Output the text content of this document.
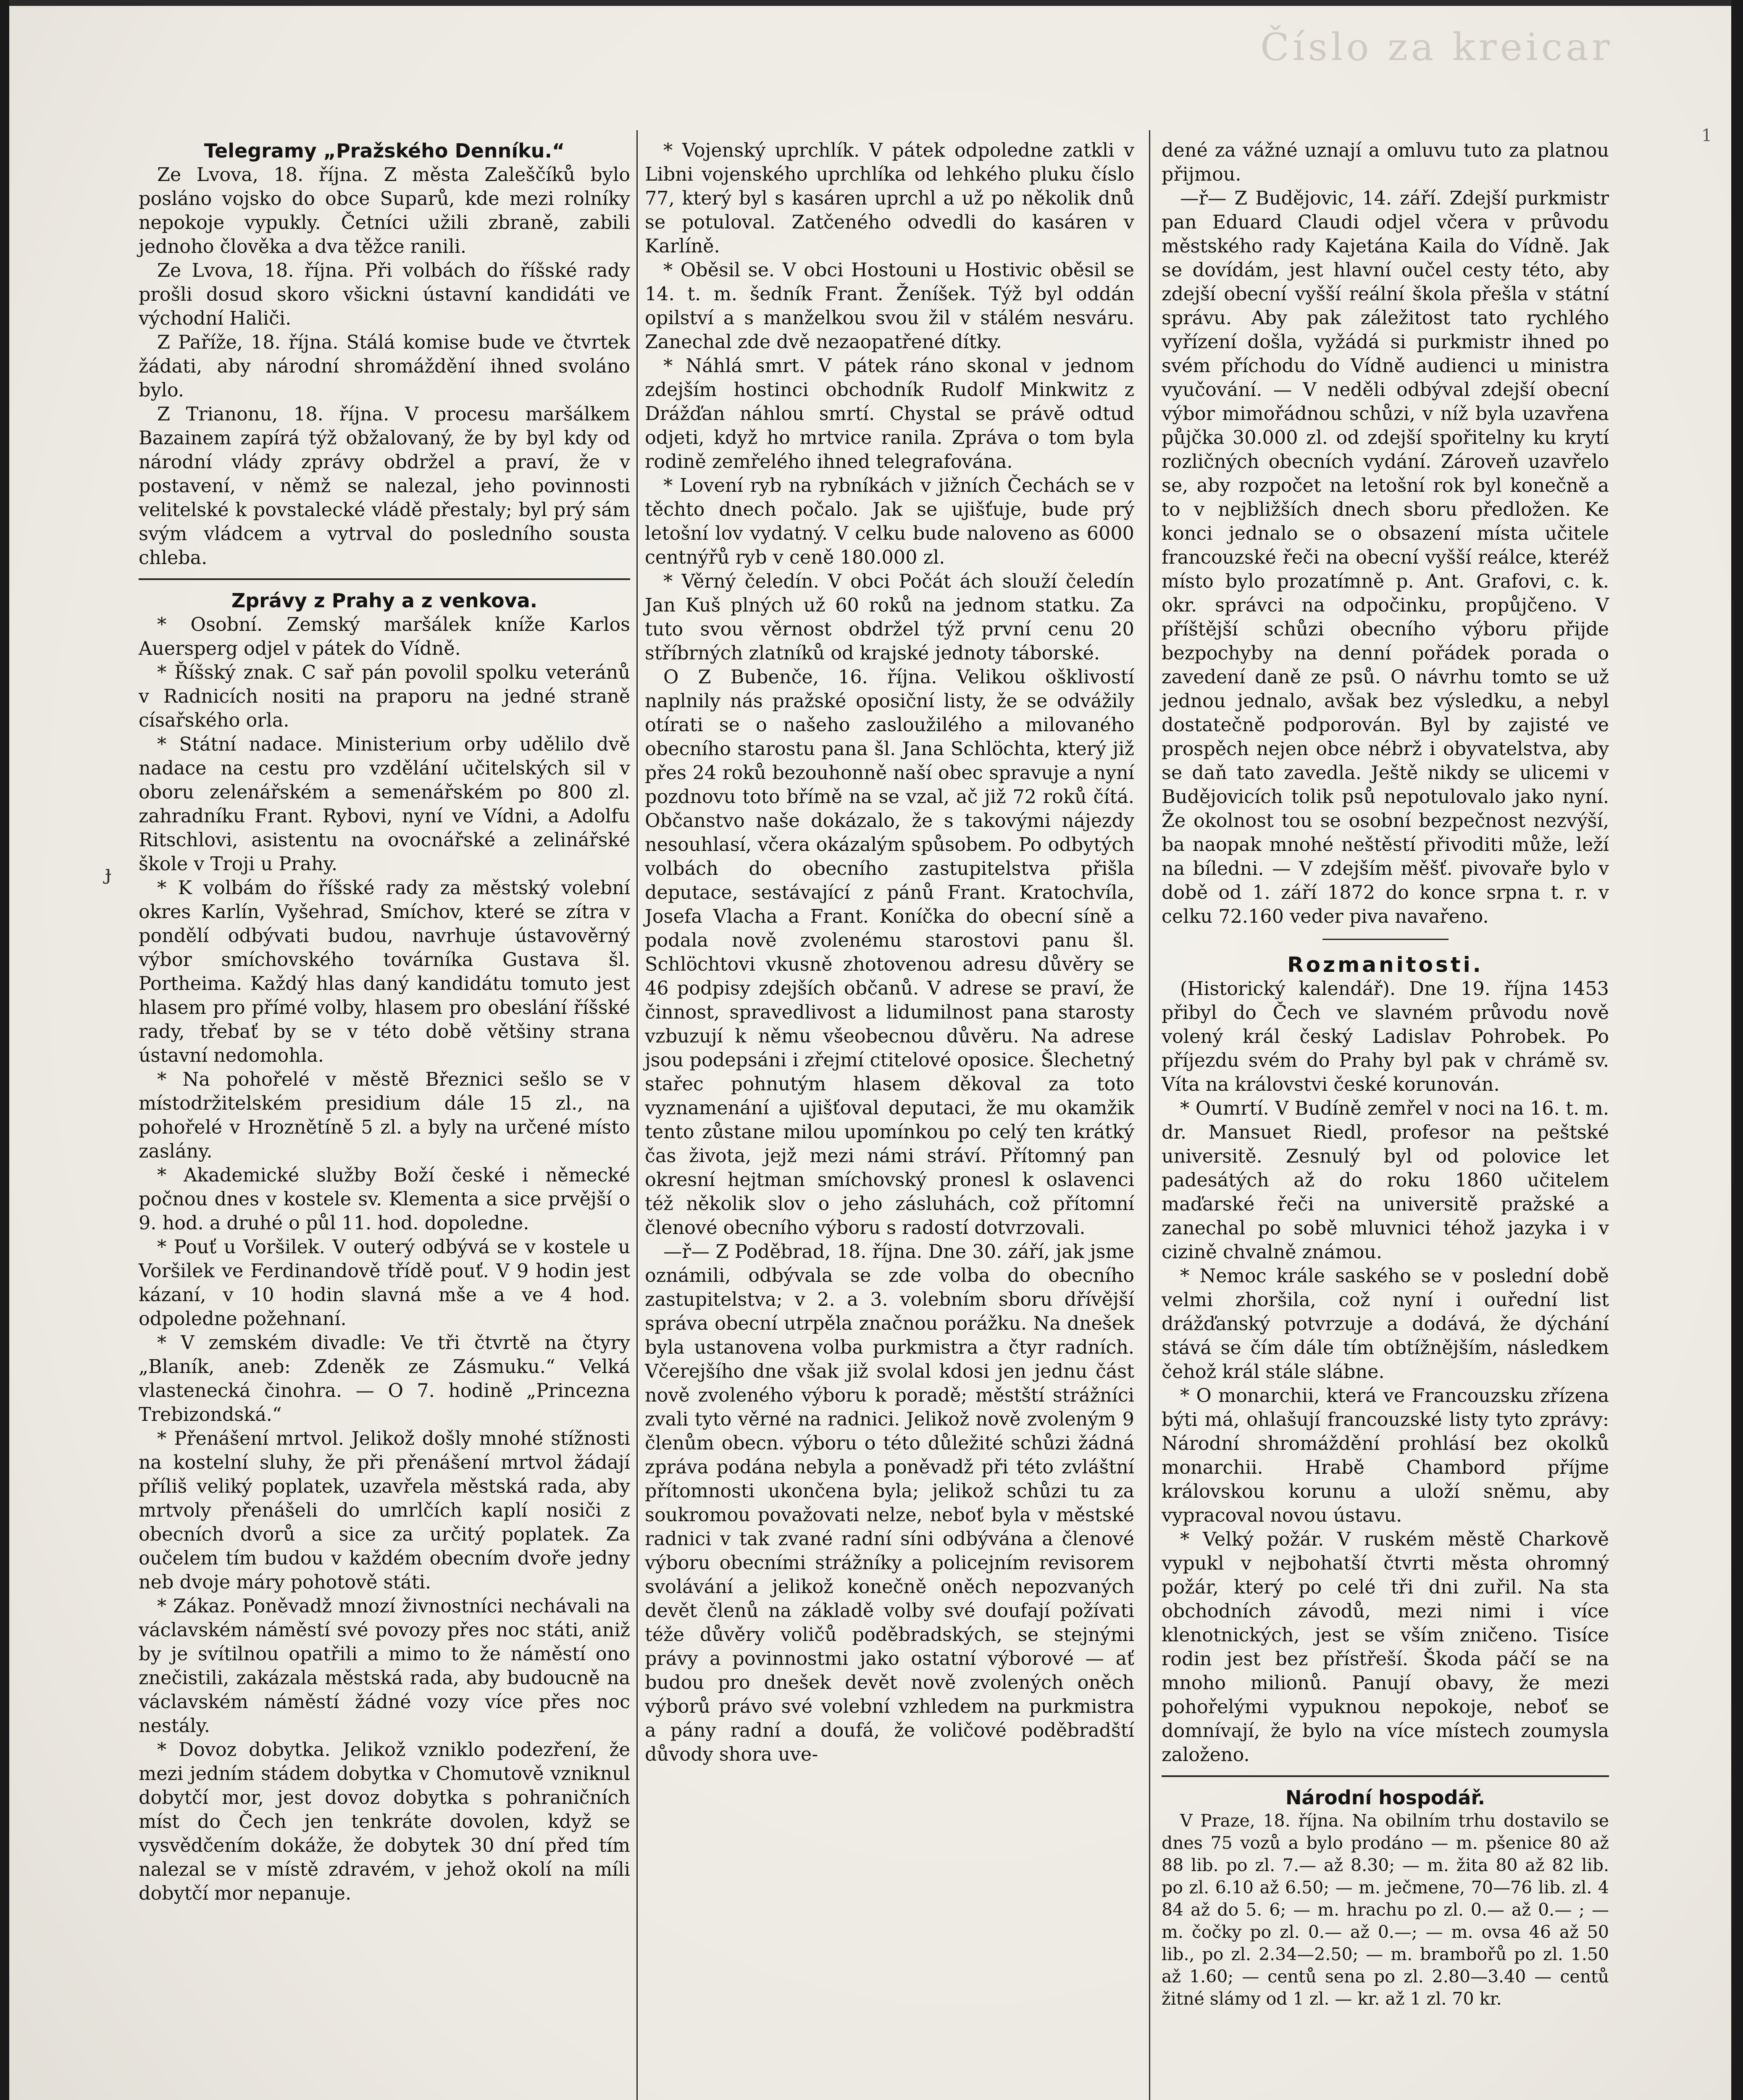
Číslo za kreicar
1
ɟ
Telegramy „Pražského Denníku.“

Ze Lvova, 18. října. Z města Zaleščíků bylo posláno vojsko do obce Suparů, kde mezi rolníky nepokoje vypukly. Četníci užili zbraně, zabili jednoho člověka a dva těžce ranili.

Ze Lvova, 18. října. Při volbách do říšské rady prošli dosud skoro všickni ústavní kandidáti ve východní Haliči.

Z Paříže, 18. října. Stálá komise bude ve čtvrtek žádati, aby národní shromáždění ihned svoláno bylo.

Z Trianonu, 18. října. V procesu maršálkem Bazainem zapírá týž obžalovaný, že by byl kdy od národní vlády zprávy obdržel a praví, že v postavení, v němž se nalezal, jeho povinnosti velitelské k povstalecké vládě přestaly; byl prý sám svým vládcem a vytrval do posledního sousta chleba.

Zprávy z Prahy a z venkova.

* Osobní. Zemský maršálek kníže Karlos Auersperg odjel v pátek do Vídně.

* Říšský znak. C sař pán povolil spolku veteránů v Radnicích nositi na praporu na jedné straně císařského orla.

* Státní nadace. Ministerium orby udělilo dvě nadace na cestu pro vzdělání učitelských sil v oboru zelenářském a semenářském po 800 zl. zahradníku Frant. Rybovi, nyní ve Vídni, a Adolfu Ritschlovi, asistentu na ovocnářské a zelinářské škole v Troji u Prahy.

* K volbám do říšské rady za městský volební okres Karlín, Vyšehrad, Smíchov, které se zítra v pondělí odbývati budou, navrhuje ústavověrný výbor smíchovského továrníka Gustava šl. Portheima. Každý hlas daný kandidátu tomuto jest hlasem pro přímé volby, hlasem pro obeslání říšské rady, třebať by se v této době většiny strana ústavní nedomohla.

* Na pohořelé v městě Březnici sešlo se v místodržitelském presidium dále 15 zl., na pohořelé v Hroznětíně 5 zl. a byly na určené místo zaslány.

* Akademické služby Boží české i německé počnou dnes v kostele sv. Klementa a sice prvější o 9. hod. a druhé o půl 11. hod. dopoledne.

* Pouť u Voršilek. V outerý odbývá se v kostele u Voršilek ve Ferdinandově třídě pouť. V 9 hodin jest kázaní, v 10 hodin slavná mše a ve 4 hod. odpoledne požehnaní.

* V zemském divadle: Ve tři čtvrtě na čtyry „Blaník, aneb: Zdeněk ze Zásmuku.“ Velká vlastenecká činohra. — O 7. hodině „Princezna Trebizondská.“

* Přenášení mrtvol. Jelikož došly mnohé stížnosti na kostelní sluhy, že při přenášení mrtvol žádají příliš veliký poplatek, uzavřela městská rada, aby mrtvoly přenášeli do umrlčích kaplí nosiči z obecních dvorů a sice za určitý poplatek. Za oučelem tím budou v každém obecním dvoře jedny neb dvoje máry pohotově státi.

* Zákaz. Poněvadž mnozí živnostníci nechávali na václavském náměstí své povozy přes noc státi, aniž by je svítilnou opatřili a mimo to že náměstí ono znečistili, zakázala městská rada, aby budoucně na václavském náměstí žádné vozy více přes noc nestály.

* Dovoz dobytka. Jelikož vzniklo podezření, že mezi jedním stádem dobytka v Chomutově vzniknul dobytčí mor, jest dovoz dobytka s pohraničních míst do Čech jen tenkráte dovolen, když se vysvědčením dokáže, že dobytek 30 dní před tím nalezal se v místě zdravém, v jehož okolí na míli dobytčí mor nepanuje.

* Vojenský uprchlík. V pátek odpoledne zatkli v Libni vojenského uprchlíka od lehkého pluku číslo 77, který byl s kasáren uprchl a už po několik dnů se potuloval. Zatčeného odvedli do kasáren v Karlíně.

* Oběsil se. V obci Hostouni u Hostivic oběsil se 14. t. m. šedník Frant. Ženíšek. Týž byl oddán opilství a s manželkou svou žil v stálém nesváru. Zanechal zde dvě nezaopatřené dítky.

* Náhlá smrt. V pátek ráno skonal v jednom zdejším hostinci obchodník Rudolf Minkwitz z Drážďan náhlou smrtí. Chystal se právě odtud odjeti, když ho mrtvice ranila. Zpráva o tom byla rodině zemřelého ihned telegrafována.

* Lovení ryb na rybníkách v jižních Čechách se v těchto dnech počalo. Jak se ujišťuje, bude prý letošní lov vydatný. V celku bude naloveno as 6000 centnýřů ryb v ceně 180.000 zl.

* Věrný čeledín. V obci Počát ách slouží čeledín Jan Kuš plných už 60 roků na jednom statku. Za tuto svou věrnost obdržel týž první cenu 20 stříbrných zlatníků od krajské jednoty táborské.

O Z Bubenče, 16. října. Velikou ošklivostí naplnily nás pražské oposiční listy, že se odvážily otírati se o našeho zasloužilého a milovaného obecního starostu pana šl. Jana Schlöchta, který již přes 24 roků bezouhonně naší obec spravuje a nyní pozdnovu toto břímě na se vzal, ač již 72 roků čítá. Občanstvo naše dokázalo, že s takovými nájezdy nesouhlasí, včera okázalým spůsobem. Po odbytých volbách do obecního zastupitelstva přišla deputace, sestávající z pánů Frant. Kratochvíla, Josefa Vlacha a Frant. Koníčka do obecní síně a podala nově zvolenému starostovi panu šl. Schlöchtovi vkusně zhotovenou adresu důvěry se 46 podpisy zdejších občanů. V adrese se praví, že činnost, spravedlivost a lidumilnost pana starosty vzbuzují k němu všeobecnou důvěru. Na adrese jsou podepsáni i zřejmí ctitelové oposice. Šlechetný stařec pohnutým hlasem děkoval za toto vyznamenání a ujišťoval deputaci, že mu okamžik tento zůstane milou upomínkou po celý ten krátký čas života, jejž mezi námi stráví. Přítomný pan okresní hejtman smíchovský pronesl k oslavenci též několik slov o jeho zásluhách, což přítomní členové obecního výboru s radostí dotvrzovali.

—ř— Z Poděbrad, 18. října. Dne 30. září, jak jsme oznámili, odbývala se zde volba do obecního zastupitelstva; v 2. a 3. volebním sboru dřívější správa obecní utrpěla značnou porážku. Na dnešek byla ustanovena volba purkmistra a čtyr radních. Včerejšího dne však již svolal kdosi jen jednu část nově zvoleného výboru k poradě; městští strážníci zvali tyto věrné na radnici. Jelikož nově zvoleným 9 členům obecn. výboru o této důležité schůzi žádná zpráva podána nebyla a poněvadž při této zvláštní přítomnosti ukončena byla; jelikož schůzi tu za soukromou považovati nelze, neboť byla v městské radnici v tak zvané radní síni odbývána a členové výboru obecními strážníky a policejním revisorem svolávání a jelikož konečně oněch nepozvaných devět členů na základě volby své doufají požívati téže důvěry voličů poděbradských, se stejnými právy a povinnostmi jako ostatní výborové — ať budou pro dnešek devět nově zvolených oněch výborů právo své volební vzhledem na purkmistra a pány radní a doufá, že voličové poděbradští důvody shora uve-

dené za vážné uznají a omluvu tuto za platnou přijmou.

—ř— Z Budějovic, 14. září. Zdejší purkmistr pan Eduard Claudi odjel včera v průvodu městského rady Kajetána Kaila do Vídně. Jak se dovídám, jest hlavní oučel cesty této, aby zdejší obecní vyšší reální škola přešla v státní správu. Aby pak záležitost tato rychlého vyřízení došla, vyžádá si purkmistr ihned po svém příchodu do Vídně audienci u ministra vyučování. — V neděli odbýval zdejší obecní výbor mimořádnou schůzi, v níž byla uzavřena půjčka 30.000 zl. od zdejší spořitelny ku krytí rozličných obecních vydání. Zároveň uzavřelo se, aby rozpočet na letošní rok byl konečně a to v nejbližších dnech sboru předložen. Ke konci jednalo se o obsazení místa učitele francouzské řeči na obecní vyšší reálce, kteréž místo bylo prozatímně p. Ant. Grafovi, c. k. okr. správci na odpočinku, propůjčeno. V příštější schůzi obecního výboru přijde bezpochyby na denní pořádek porada o zavedení daně ze psů. O návrhu tomto se už jednou jednalo, avšak bez výsledku, a nebyl dostatečně podporován. Byl by zajisté ve prospěch nejen obce nébrž i obyvatelstva, aby se daň tato zavedla. Ještě nikdy se ulicemi v Budějovicích tolik psů nepotulovalo jako nyní. Že okolnost tou se osobní bezpečnost nezvýší, ba naopak mnohé neštěstí přivoditi může, leží na bíledni. — V zdejším měšť. pivovaře bylo v době od 1. září 1872 do konce srpna t. r. v celku 72.160 veder piva navařeno.

Rozmanitosti.

(Historický kalendář). Dne 19. října 1453 přibyl do Čech ve slavném průvodu nově volený král český Ladislav Pohrobek. Po příjezdu svém do Prahy byl pak v chrámě sv. Víta na královstvi české korunován.

* Oumrtí. V Budíně zemřel v noci na 16. t. m. dr. Mansuet Riedl, profesor na peštské universitě. Zesnulý byl od polovice let padesátých až do roku 1860 učitelem maďarské řeči na universitě pražské a zanechal po sobě mluvnici téhož jazyka i v cizině chvalně známou.

* Nemoc krále saského se v poslední době velmi zhoršila, což nyní i ouřední list drážďanský potvrzuje a dodává, že dýchání stává se čím dále tím obtížnějším, následkem čehož král stále slábne.

* O monarchii, která ve Francouzsku zřízena býti má, ohlašují francouzské listy tyto zprávy: Národní shromáždění prohlásí bez okolků monarchii. Hrabě Chambord příjme královskou korunu a uloží sněmu, aby vypracoval novou ústavu.

* Velký požár. V ruském městě Charkově vypukl v nejbohatší čtvrti města ohromný požár, který po celé tři dni zuřil. Na sta obchodních závodů, mezi nimi i více klenotnických, jest se vším zničeno. Tisíce rodin jest bez přístřeší. Škoda páčí se na mnoho milionů. Panují obavy, že mezi pohořelými vypuknou nepokoje, neboť se domnívají, že bylo na více místech zoumysla založeno.

Národní hospodář.

V Praze, 18. října. Na obilním trhu dostavilo se dnes 75 vozů a bylo prodáno — m. pšenice 80 až 88 lib. po zl. 7.— až 8.30; — m. žita 80 až 82 lib. po zl. 6.10 až 6.50; — m. ječmene, 70—76 lib. zl. 4 84 až do 5. 6; — m. hrachu po zl. 0.— až 0.— ; — m. čočky po zl. 0.— až 0.—; — m. ovsa 46 až 50 lib., po zl. 2.34—2.50; — m. brambořů po zl. 1.50 až 1.60; — centů sena po zl. 2.80—3.40 — centů žitné slámy od 1 zl. — kr. až 1 zl. 70 kr.
